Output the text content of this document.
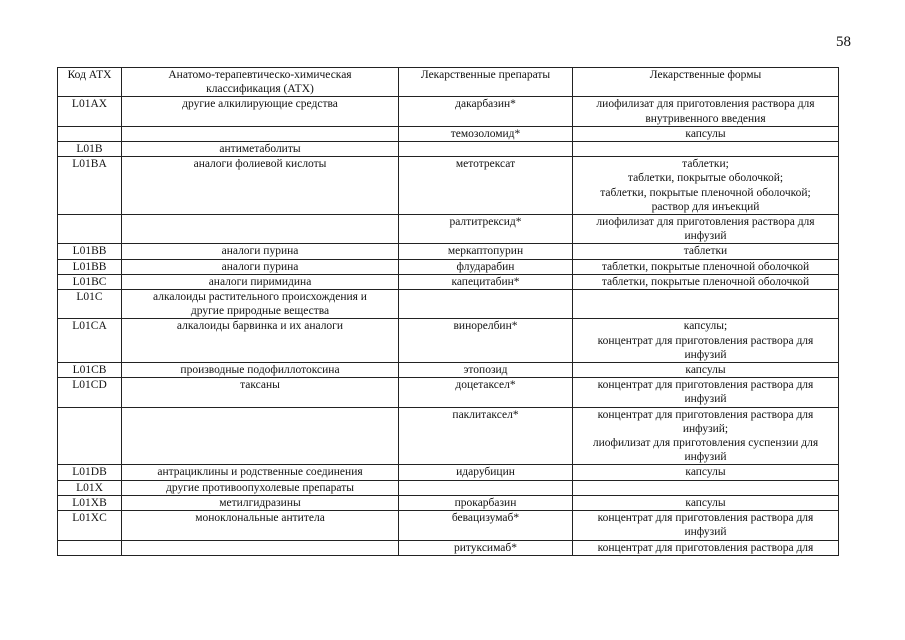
58
Код АТХ	Анатомо-терапевтическо-химическая
классификация (АТХ)	Лекарственные препараты	Лекарственные формы
L01AX	другие алкилирующие средства	дакарбазин*	лиофилизат для приготовления раствора для
внутривенного введения
		темозоломид*	капсулы
L01B	антиметаболиты		
L01BA	аналоги фолиевой кислоты	метотрексат	таблетки;
таблетки, покрытые оболочкой;
таблетки, покрытые пленочной оболочкой;
раствор для инъекций
		ралтитрексид*	лиофилизат для приготовления раствора для
инфузий
L01BB	аналоги пурина	меркаптопурин	таблетки
L01BB	аналоги пурина	флударабин	таблетки, покрытые пленочной оболочкой
L01BC	аналоги пиримидина	капецитабин*	таблетки, покрытые пленочной оболочкой
L01C	алкалоиды растительного происхождения и
другие природные вещества		
L01CA	алкалоиды барвинка и их аналоги	винорелбин*	капсулы;
концентрат для приготовления раствора для
инфузий
L01CB	производные подофиллотоксина	этопозид	капсулы
L01CD	таксаны	доцетаксел*	концентрат для приготовления раствора для
инфузий
		паклитаксел*	концентрат для приготовления раствора для
инфузий;
лиофилизат для приготовления суспензии для
инфузий
L01DB	антрациклины и родственные соединения	идарубицин	капсулы
L01X	другие противоопухолевые препараты		
L01XB	метилгидразины	прокарбазин	капсулы
L01XC	моноклональные антитела	бевацизумаб*	концентрат для приготовления раствора для
инфузий
		ритуксимаб*	концентрат для приготовления раствора для
